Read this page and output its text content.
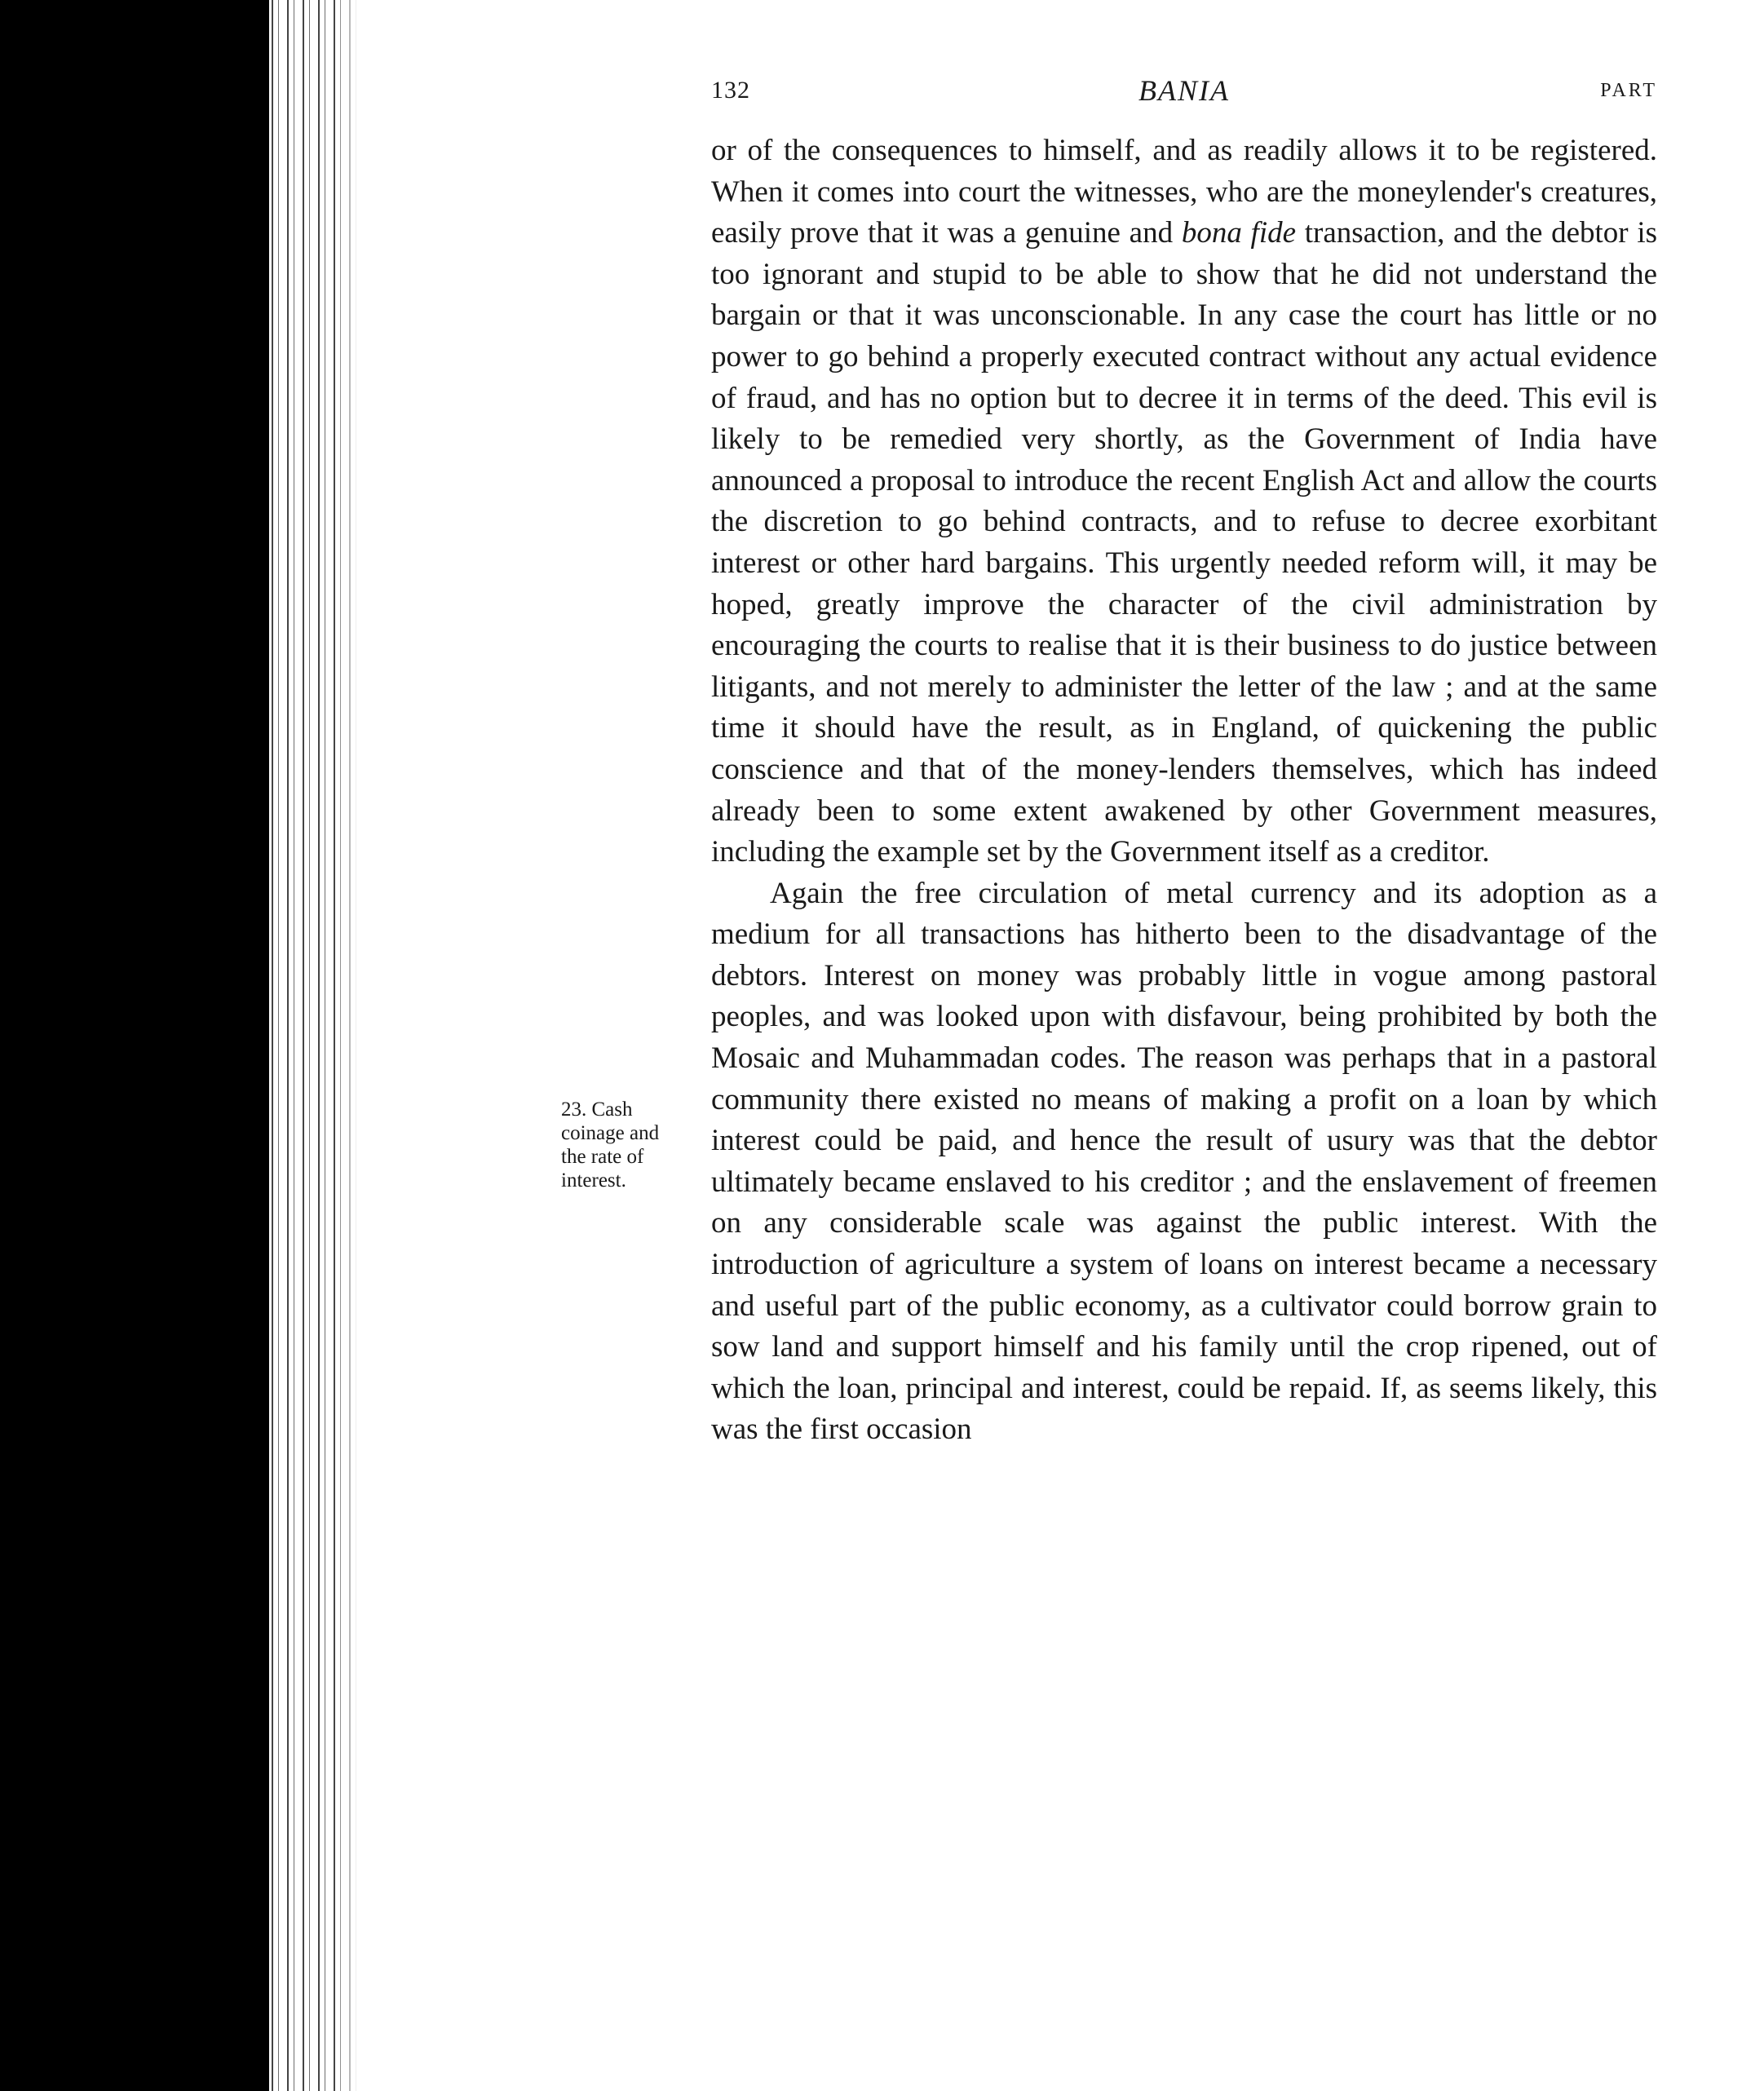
132	BANIA	PART
23. Cash coinage and the rate of interest.

or of the consequences to himself, and as readily allows it to be registered. When it comes into court the witnesses, who are the moneylender's creatures, easily prove that it was a genuine and bona fide transaction, and the debtor is too ignorant and stupid to be able to show that he did not understand the bargain or that it was unconscionable. In any case the court has little or no power to go behind a properly executed contract without any actual evidence of fraud, and has no option but to decree it in terms of the deed. This evil is likely to be remedied very shortly, as the Government of India have announced a proposal to introduce the recent English Act and allow the courts the discretion to go behind contracts, and to refuse to decree exorbitant interest or other hard bargains. This urgently needed reform will, it may be hoped, greatly improve the character of the civil administration by encouraging the courts to realise that it is their business to do justice between litigants, and not merely to administer the letter of the law ; and at the same time it should have the result, as in England, of quickening the public conscience and that of the money-lenders themselves, which has indeed already been to some extent awakened by other Government measures, including the example set by the Government itself as a creditor.

Again the free circulation of metal currency and its adoption as a medium for all transactions has hitherto been to the disadvantage of the debtors. Interest on money was probably little in vogue among pastoral peoples, and was looked upon with disfavour, being prohibited by both the Mosaic and Muhammadan codes. The reason was perhaps that in a pastoral community there existed no means of making a profit on a loan by which interest could be paid, and hence the result of usury was that the debtor ultimately became enslaved to his creditor ; and the enslavement of freemen on any considerable scale was against the public interest. With the introduction of agriculture a system of loans on interest became a necessary and useful part of the public economy, as a cultivator could borrow grain to sow land and support himself and his family until the crop ripened, out of which the loan, principal and interest, could be repaid. If, as seems likely, this was the first occasion
